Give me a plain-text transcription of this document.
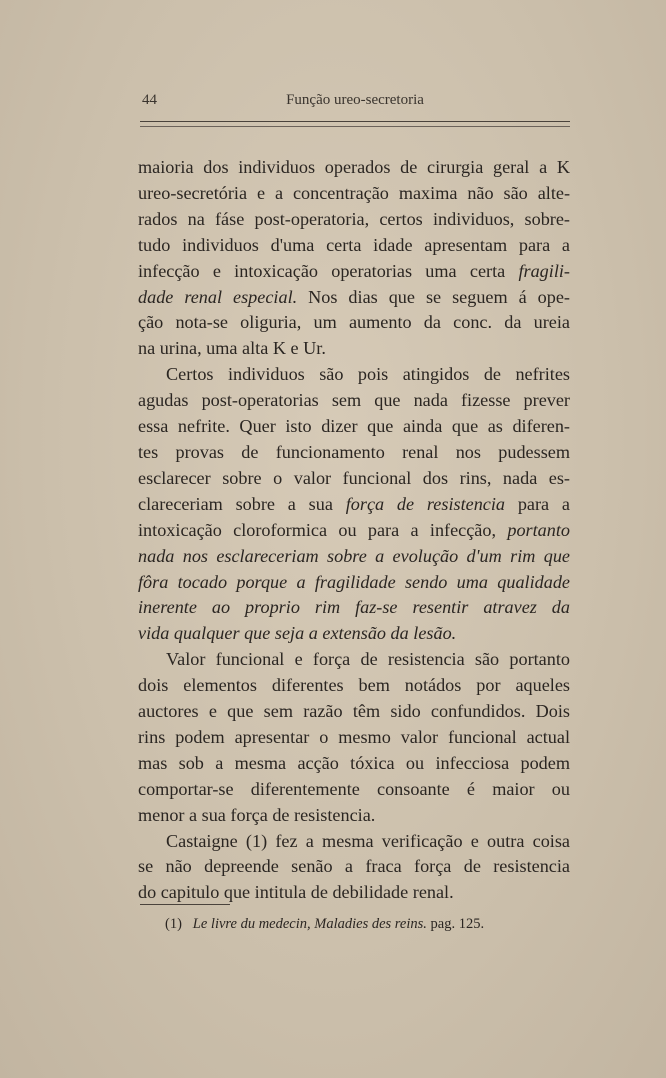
44	Função ureo-secretoria
maioria dos individuos operados de cirurgia geral a K
ureo-secretória e a concentração maxima não são alte-
rados na fáse post-operatoria, certos individuos, sobre-
tudo individuos d'uma certa idade apresentam para a
infecção e intoxicação operatorias uma certa fragili-
dade renal especial. Nos dias que se seguem á ope-
ção nota-se oliguria, um aumento da conc. da ureia
na urina, uma alta K e Ur.
Certos individuos são pois atingidos de nefrites
agudas post-operatorias sem que nada fizesse prever
essa nefrite. Quer isto dizer que ainda que as diferen-
tes provas de funcionamento renal nos pudessem
esclarecer sobre o valor funcional dos rins, nada es-
clareceriam sobre a sua força de resistencia para a
intoxicação cloroformica ou para a infecção, portanto
nada nos esclareceriam sobre a evolução d'um rim que
fôra tocado porque a fragilidade sendo uma qualidade
inerente ao proprio rim faz-se resentir atravez da
vida qualquer que seja a extensão da lesão.
Valor funcional e força de resistencia são portanto
dois elementos diferentes bem notádos por aqueles
auctores e que sem razão têm sido confundidos. Dois
rins podem apresentar o mesmo valor funcional actual
mas sob a mesma acção tóxica ou infecciosa podem
comportar-se diferentemente consoante é maior ou
menor a sua força de resistencia.
Castaigne (1) fez a mesma verificação e outra coisa
se não depreende senão a fraca força de resistencia
do capitulo que intitula de debilidade renal.
(1) Le livre du medecin, Maladies des reins. pag. 125.
